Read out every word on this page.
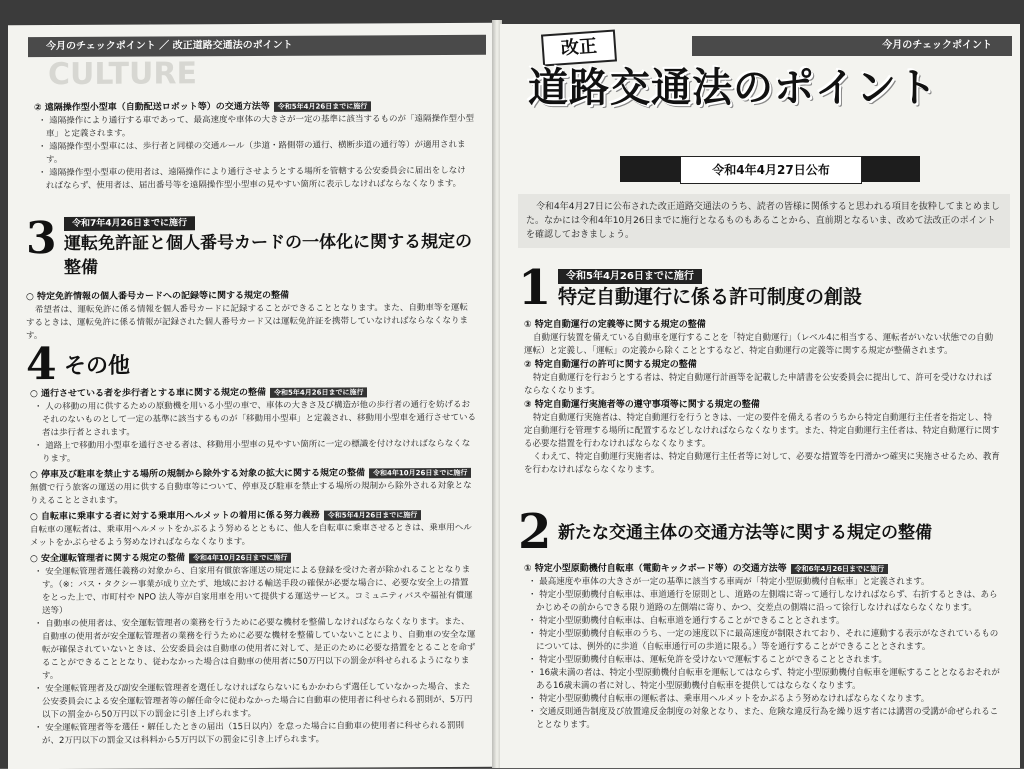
今月のチェックポイント ／ 改正道路交通法のポイント
CULTURE
② 遠隔操作型小型車（自動配送ロボット等）の交通方法等 令和5年4月26日までに施行
・ 遠隔操作により通行する車であって、最高速度や車体の大きさが一定の基準に該当するものが「遠隔操作型小型車」と定義されます。
・ 遠隔操作型小型車には、歩行者と同様の交通ルール（歩道・路側帯の通行、横断歩道の通行等）が適用されます。
・ 遠隔操作型小型車の使用者は、遠隔操作により通行させようとする場所を管轄する公安委員会に届出をしなければならず、使用者は、届出番号等を遠隔操作型小型車の見やすい箇所に表示しなければならなくなります。
3	令和7年4月26日までに施行
運転免許証と個人番号カードの一体化に関する規定の整備
○ 特定免許情報の個人番号カードへの記録等に関する規定の整備
希望者は、運転免許に係る情報を個人番号カードに記録することができることとなります。また、自動車等を運転するときは、運転免許に係る情報が記録された個人番号カード又は運転免許証を携帯していなければならなくなります。
4 その他
○ 通行させている者を歩行者とする車に関する規定の整備 令和5年4月26日までに施行
・ 人の移動の用に供するための原動機を用いる小型の車で、車体の大きさ及び構造が他の歩行者の通行を妨げるおそれのないものとして一定の基準に該当するものが「移動用小型車」と定義され、移動用小型車を通行させている者は歩行者とされます。
・ 道路上で移動用小型車を通行させる者は、移動用小型車の見やすい箇所に一定の標識を付けなければならなくなります。
○ 停車及び駐車を禁止する場所の規制から除外する対象の拡大に関する規定の整備 令和4年10月26日までに施行
無償で行う旅客の運送の用に供する自動車等について、停車及び駐車を禁止する場所の規制から除外される対象となりえることとされます。
○ 自転車に乗車する者に対する乗車用ヘルメットの着用に係る努力義務 令和5年4月26日までに施行
自転車の運転者は、乗車用ヘルメットをかぶるよう努めるとともに、他人を自転車に乗車させるときは、乗車用ヘルメットをかぶらせるよう努めなければならなくなります。
○ 安全運転管理者に関する規定の整備 令和4年10月26日までに施行
・ 安全運転管理者選任義務の対象から、自家用有償旅客運送の規定による登録を受けた者が除かれることとなります。（※：バス・タクシー事業が成り立たず、地域における輸送手段の確保が必要な場合に、必要な安全上の措置をとった上で、市町村や NPO 法人等が自家用車を用いて提供する運送サービス。コミュニティバスや福祉有償運送等）
・ 自動車の使用者は、安全運転管理者の業務を行うために必要な機材を整備しなければならなくなります。また、自動車の使用者が安全運転管理者の業務を行うために必要な機材を整備していないことにより、自動車の安全な運転が確保されていないときは、公安委員会は自動車の使用者に対して、是正のために必要な措置をとることを命ずることができることとなり、従わなかった場合は自動車の使用者に50万円以下の罰金が科せられるようになります。
・ 安全運転管理者及び副安全運転管理者を選任しなければならないにもかかわらず選任していなかった場合、また公安委員会による安全運転管理者等の解任命令に従わなかった場合に自動車の使用者に科せられる罰則が、5万円以下の罰金から50万円以下の罰金に引き上げられます。
・ 安全運転管理者等を選任・解任したときの届出（15日以内）を怠った場合に自動車の使用者に科せられる罰則が、2万円以下の罰金又は科料から5万円以下の罰金に引き上げられます。
今月のチェックポイント
改正
道路交通法のポイント
令和4年4月27日公布
令和4年4月27日に公布された改正道路交通法のうち、読者の皆様に関係すると思われる項目を抜粋してまとめました。なかには令和4年10月26日までに施行となるものもあることから、直前期となるいま、改めて法改正のポイントを確認しておきましょう。
1	令和5年4月26日までに施行
特定自動運行に係る許可制度の創設
① 特定自動運行の定義等に関する規定の整備
自動運行装置を備えている自動車を運行することを「特定自動運行」（レベル4に相当する、運転者がいない状態での自動運転）と定義し、「運転」の定義から除くこととするなど、特定自動運行の定義等に関する規定が整備されます。
② 特定自動運行の許可に関する規定の整備
特定自動運行を行おうとする者は、特定自動運行計画等を記載した申請書を公安委員会に提出して、許可を受けなければならなくなります。
③ 特定自動運行実施者等の遵守事項等に関する規定の整備
特定自動運行実施者は、特定自動運行を行うときは、一定の要件を備える者のうちから特定自動運行主任者を指定し、特定自動運行を管理する場所に配置するなどしなければならなくなります。また、特定自動運行主任者は、特定自動運行に関する必要な措置を行わなければならなくなります。
くわえて、特定自動運行実施者は、特定自動運行主任者等に対して、必要な措置等を円滑かつ確実に実施させるため、教育を行わなければならなくなります。
2 新たな交通主体の交通方法等に関する規定の整備
① 特定小型原動機付自転車（電動キックボード等）の交通方法等 令和6年4月26日までに施行
・ 最高速度や車体の大きさが一定の基準に該当する車両が「特定小型原動機付自転車」と定義されます。
・ 特定小型原動機付自転車は、車道通行を原則とし、道路の左側端に寄って通行しなければならず、右折するときは、あらかじめその前からできる限り道路の左側端に寄り、かつ、交差点の側端に沿って徐行しなければならなくなります。
・ 特定小型原動機付自転車は、自転車道を通行することができることとされます。
・ 特定小型原動機付自転車のうち、一定の速度以下に最高速度が制限されており、それに連動する表示がなされているものについては、例外的に歩道（自転車通行可の歩道に限る。）等を通行することができることとされます。
・ 特定小型原動機付自転車は、運転免許を受けないで運転することができることとされます。
・ 16歳未満の者は、特定小型原動機付自転車を運転してはならず、特定小型原動機付自転車を運転することとなるおそれがある16歳未満の者に対し、特定小型原動機付自転車を提供してはならなくなります。
・ 特定小型原動機付自転車の運転者は、乗車用ヘルメットをかぶるよう努めなければならなくなります。
・ 交通反則通告制度及び放置違反金制度の対象となり、また、危険な違反行為を繰り返す者には講習の受講が命ぜられることとなります。
